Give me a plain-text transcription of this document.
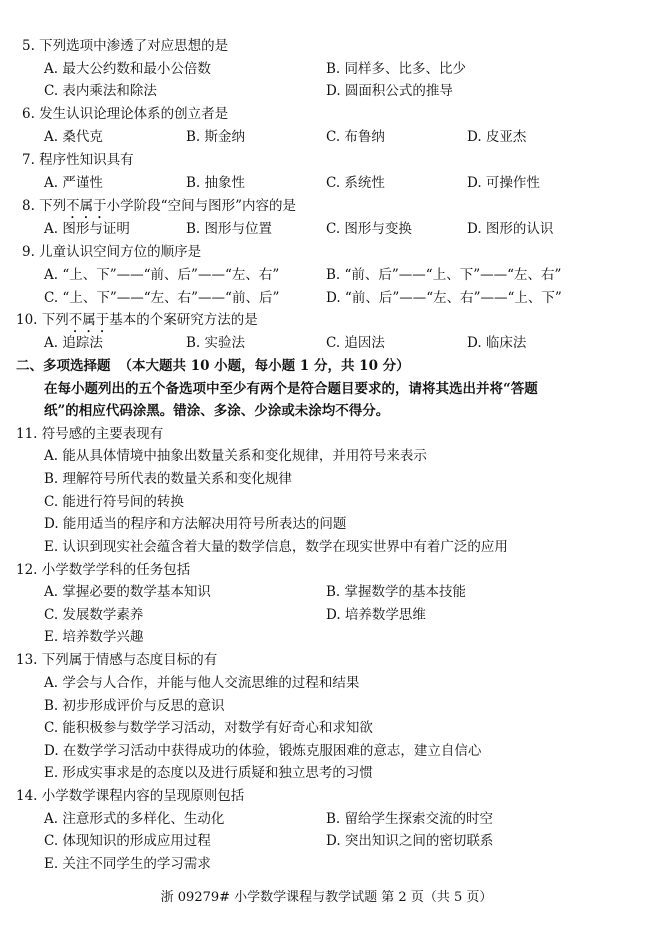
5. 下列选项中渗透了对应思想的是
A. 最大公约数和最小公倍数	B. 同样多、比多、比少
C. 表内乘法和除法	D. 圆面积公式的推导
6. 发生认识论理论体系的创立者是
A. 桑代克	B. 斯金纳	C. 布鲁纳	D. 皮亚杰
7. 程序性知识具有
A. 严谨性	B. 抽象性	C. 系统性	D. 可操作性
8. 下列不属于小学阶段“空间与图形”内容的是
A. 图形与证明	B. 图形与位置	C. 图形与变换	D. 图形的认识
9. 儿童认识空间方位的顺序是
A. “上、下”——“前、后”——“左、右”	B. “前、后”——“上、下”——“左、右”
C. “上、下”——“左、右”——“前、后”	D. “前、后”——“左、右”——“上、下”
10. 下列不属于基本的个案研究方法的是
A. 追踪法	B. 实验法	C. 追因法	D. 临床法
二、多项选择题 （本大题共 10 小题，每小题 1 分，共 10 分）
在每小题列出的五个备选项中至少有两个是符合题目要求的，请将其选出并将“答题
纸”的相应代码涂黑。错涂、多涂、少涂或未涂均不得分。
11. 符号感的主要表现有
A. 能从具体情境中抽象出数量关系和变化规律，并用符号来表示
B. 理解符号所代表的数量关系和变化规律
C. 能进行符号间的转换
D. 能用适当的程序和方法解决用符号所表达的问题
E. 认识到现实社会蕴含着大量的数学信息，数学在现实世界中有着广泛的应用
12. 小学数学学科的任务包括
A. 掌握必要的数学基本知识	B. 掌握数学的基本技能
C. 发展数学素养	D. 培养数学思维
E. 培养数学兴趣
13. 下列属于情感与态度目标的有
A. 学会与人合作，并能与他人交流思维的过程和结果
B. 初步形成评价与反思的意识
C. 能积极参与数学学习活动，对数学有好奇心和求知欲
D. 在数学学习活动中获得成功的体验，锻炼克服困难的意志，建立自信心
E. 形成实事求是的态度以及进行质疑和独立思考的习惯
14. 小学数学课程内容的呈现原则包括
A. 注意形式的多样化、生动化	B. 留给学生探索交流的时空
C. 体现知识的形成应用过程	D. 突出知识之间的密切联系
E. 关注不同学生的学习需求
浙 09279# 小学数学课程与教学试题 第 2 页（共 5 页）
